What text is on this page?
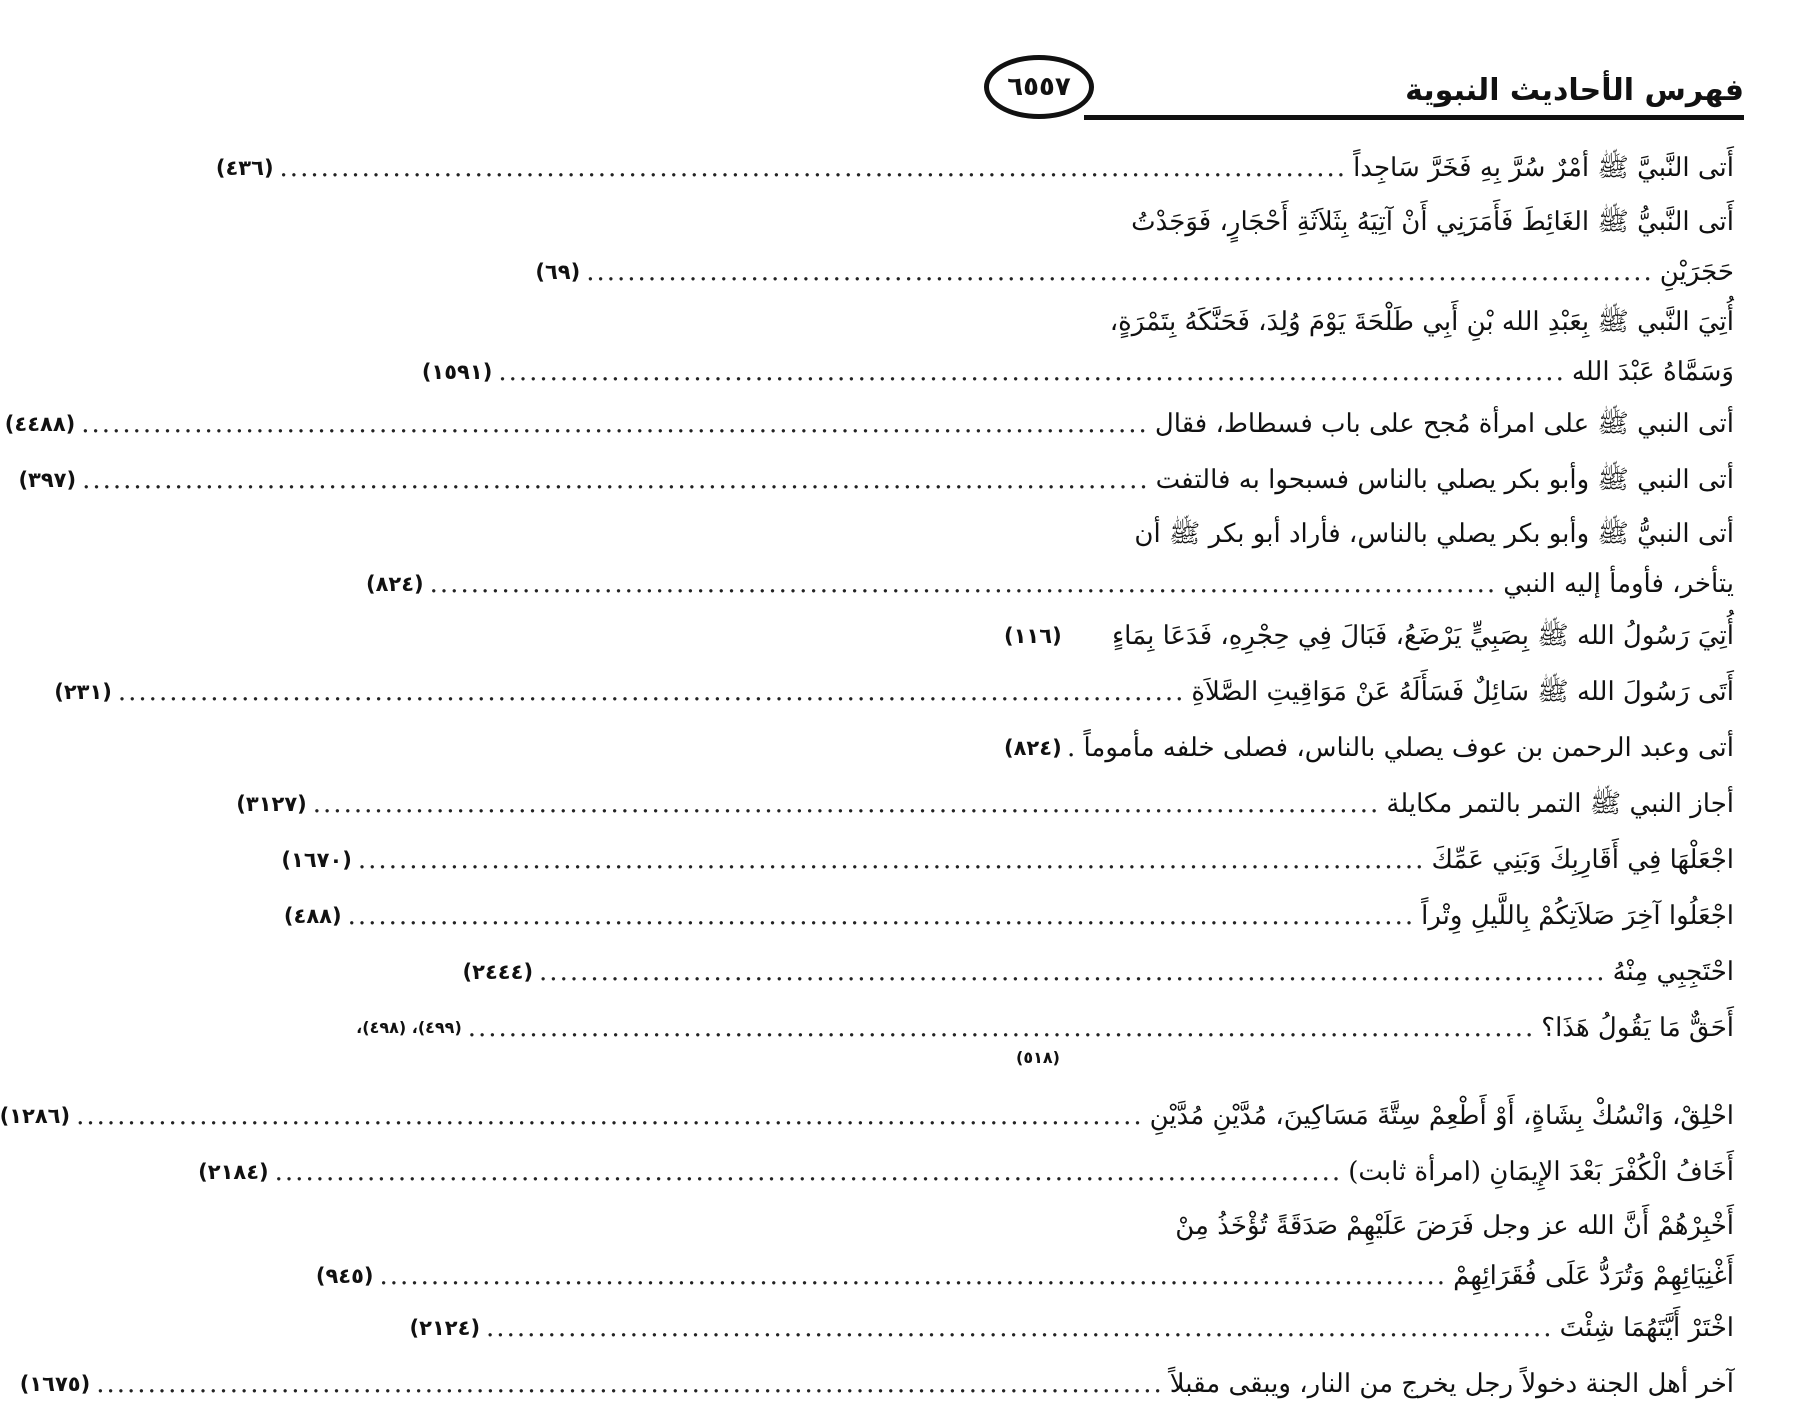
٦٥٥٧	فهرس الأحاديث النبوية
أَتى النَّبيَّ ﷺ أمْرٌ سُرَّ بِهِ فَخَرَّ سَاجِداً
........................................................................................................
(٤٣٦)
أَتى النَّبيُّ ﷺ الغَائِطَ فَأَمَرَنِي أَنْ آتِيَهُ بِثَلاَثَةِ أَحْجَارٍ، فَوَجَدْتُ
حَجَرَيْنِ
........................................................................................................
(٦٩)
أُتِيَ النَّبي ﷺ بِعَبْدِ الله بْنِ أَبِي طَلْحَةَ يَوْمَ وُلِدَ، فَحَنَّكَهُ بِتَمْرَةٍ،
وَسَمَّاهُ عَبْدَ الله
........................................................................................................
(١٥٩١)
أتى النبي ﷺ على امرأة مُجح على باب فسطاط، فقال
........................................................................................................
(٤٤٨٨)
أتى النبي ﷺ وأبو بكر يصلي بالناس فسبحوا به فالتفت
........................................................................................................
(٣٩٧)
أتى النبيُّ ﷺ وأبو بكر يصلي بالناس، فأراد أبو بكر ﷺ أن
يتأخر، فأومأ إليه النبي
........................................................................................................
(٨٢٤)
أُتِيَ رَسُولُ الله ﷺ بِصَبِيٍّ يَرْضَعُ، فَبَالَ فِي حِجْرِهِ، فَدَعَا بِمَاءٍ
(١١٦)
أَتَى رَسُولَ الله ﷺ سَائِلٌ فَسَأَلَهُ عَنْ مَوَاقِيتِ الصَّلاَةِ
........................................................................................................
(٢٣١)
أتى وعبد الرحمن بن عوف يصلي بالناس، فصلى خلفه مأموماً .
(٨٢٤)
أجاز النبي ﷺ التمر بالتمر مكايلة
........................................................................................................
(٣١٢٧)
اجْعَلْهَا فِي أَقَارِبِكَ وَبَنِي عَمِّكَ
........................................................................................................
(١٦٧٠)
اجْعَلُوا آخِرَ صَلاَتِكُمْ بِاللَّيلِ وِتْراً
........................................................................................................
(٤٨٨)
احْتَجِبِي مِنْهُ
........................................................................................................
(٢٤٤٤)
أَحَقٌّ مَا يَقُولُ هَذَا؟
........................................................................................................
(٤٩٩)، (٤٩٨)،
(٥١٨)
احْلِقْ، وَانْسُكْ بِشَاةٍ، أَوْ أَطْعِمْ سِتَّةَ مَسَاكِينَ، مُدَّيْنِ مُدَّيْنِ
........................................................................................................
(١٢٨٦)
أَخَافُ الْكُفْرَ بَعْدَ الإِيمَانِ (امرأة ثابت)
........................................................................................................
(٢١٨٤)
أَخْبِرْهُمْ أَنَّ الله عز وجل فَرَضَ عَلَيْهِمْ صَدَقَةً تُؤْخَذُ مِنْ
أَغْنِيَائِهِمْ وَتُرَدُّ عَلَى فُقَرَائِهِمْ
........................................................................................................
(٩٤٥)
اخْتَرْ أَيَّتَهُمَا شِئْتَ
........................................................................................................
(٢١٢٤)
آخر أهل الجنة دخولاً رجل يخرج من النار، ويبقى مقبلاً
........................................................................................................
(١٦٧٥)
